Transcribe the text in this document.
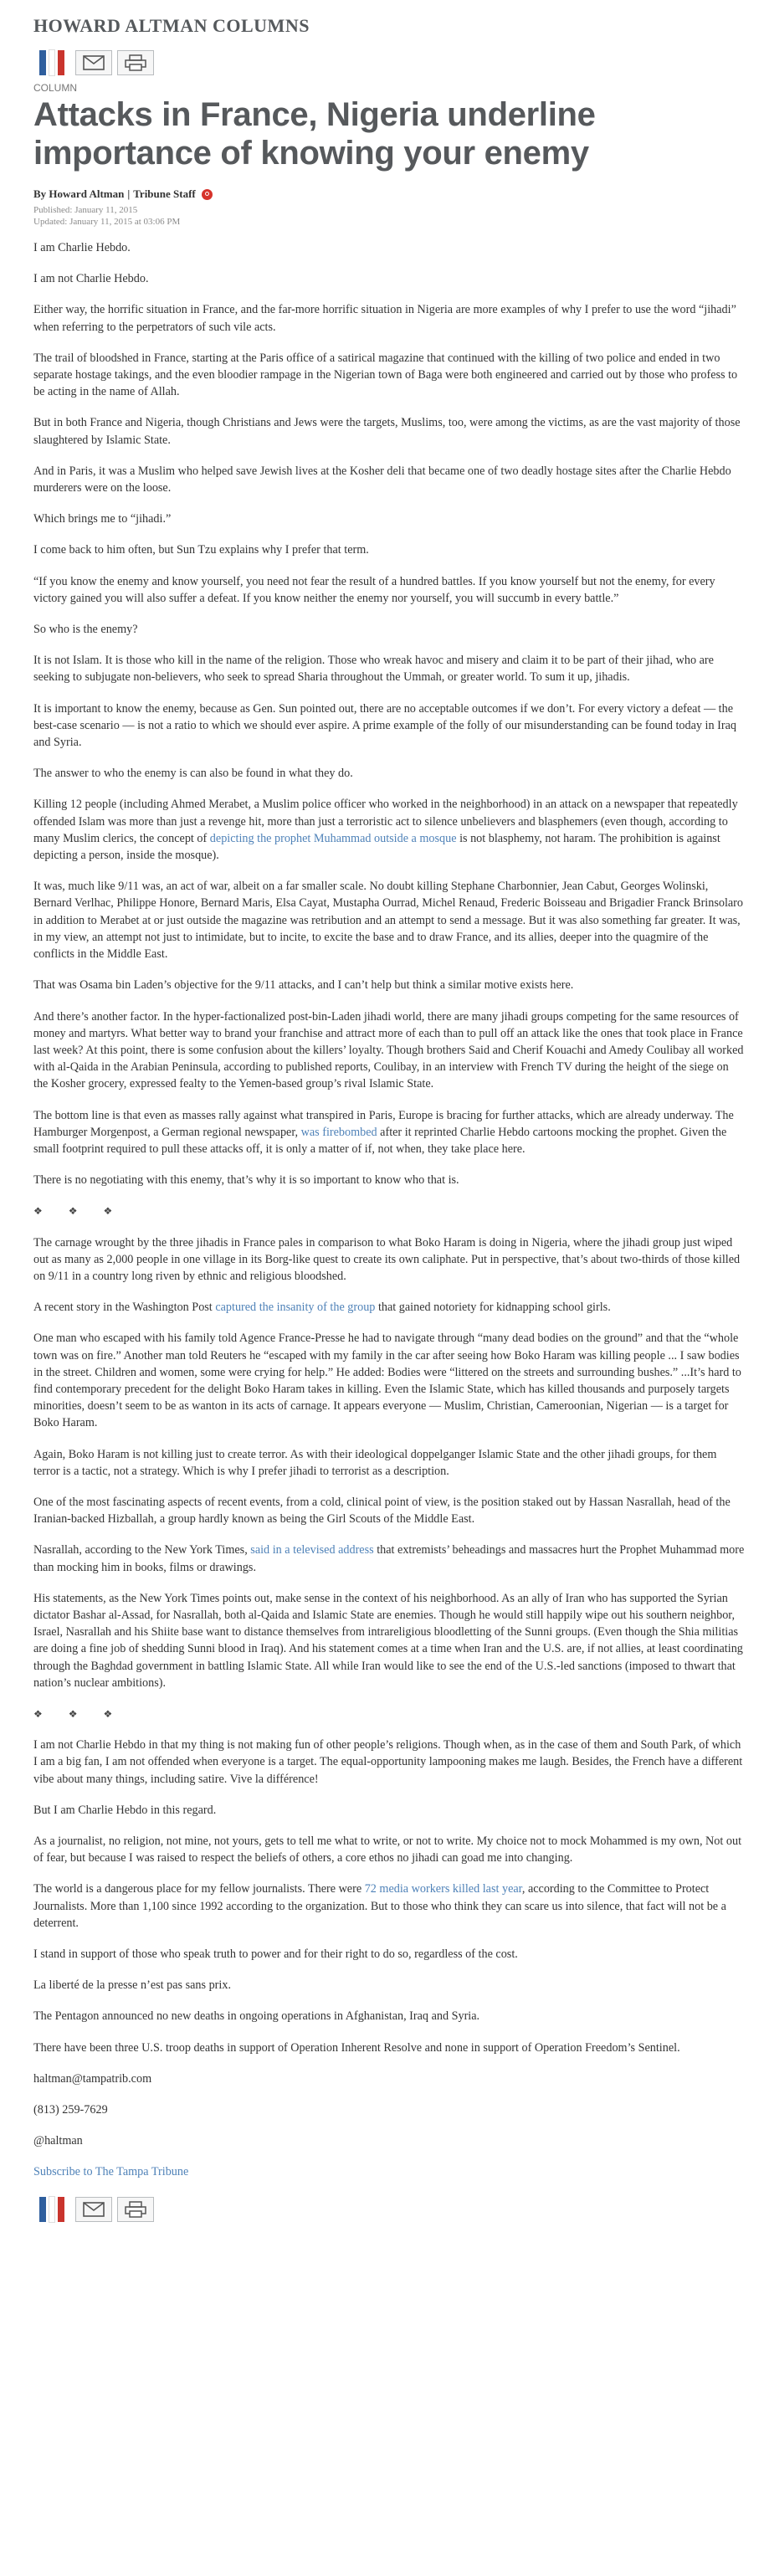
HOWARD ALTMAN COLUMNS
COLUMN
Attacks in France, Nigeria underline importance of knowing your enemy
By Howard Altman | Tribune Staff
Published: January 11, 2015
Updated: January 11, 2015 at 03:06 PM

I am Charlie Hebdo.

I am not Charlie Hebdo.

Either way, the horrific situation in France, and the far-more horrific situation in Nigeria are more examples of why I prefer to use the word “jihadi” when referring to the perpetrators of such vile acts.

The trail of bloodshed in France, starting at the Paris office of a satirical magazine that continued with the killing of two police and ended in two separate hostage takings, and the even bloodier rampage in the Nigerian town of Baga were both engineered and carried out by those who profess to be acting in the name of Allah.

But in both France and Nigeria, though Christians and Jews were the targets, Muslims, too, were among the victims, as are the vast majority of those slaughtered by Islamic State.

And in Paris, it was a Muslim who helped save Jewish lives at the Kosher deli that became one of two deadly hostage sites after the Charlie Hebdo murderers were on the loose.

Which brings me to “jihadi.”

I come back to him often, but Sun Tzu explains why I prefer that term.

“If you know the enemy and know yourself, you need not fear the result of a hundred battles. If you know yourself but not the enemy, for every victory gained you will also suffer a defeat. If you know neither the enemy nor yourself, you will succumb in every battle.”

So who is the enemy?

It is not Islam. It is those who kill in the name of the religion. Those who wreak havoc and misery and claim it to be part of their jihad, who are seeking to subjugate non-believers, who seek to spread Sharia throughout the Ummah, or greater world. To sum it up, jihadis.

It is important to know the enemy, because as Gen. Sun pointed out, there are no acceptable outcomes if we don’t. For every victory a defeat — the best-case scenario — is not a ratio to which we should ever aspire. A prime example of the folly of our misunderstanding can be found today in Iraq and Syria.

The answer to who the enemy is can also be found in what they do.

Killing 12 people (including Ahmed Merabet, a Muslim police officer who worked in the neighborhood) in an attack on a newspaper that repeatedly offended Islam was more than just a revenge hit, more than just a terroristic act to silence unbelievers and blasphemers (even though, according to many Muslim clerics, the concept of depicting the prophet Muhammad outside a mosque is not blasphemy, not haram. The prohibition is against depicting a person, inside the mosque).

It was, much like 9/11 was, an act of war, albeit on a far smaller scale. No doubt killing Stephane Charbonnier, Jean Cabut, Georges Wolinski, Bernard Verlhac, Philippe Honore, Bernard Maris, Elsa Cayat, Mustapha Ourrad, Michel Renaud, Frederic Boisseau and Brigadier Franck Brinsolaro in addition to Merabet at or just outside the magazine was retribution and an attempt to send a message. But it was also something far greater. It was, in my view, an attempt not just to intimidate, but to incite, to excite the base and to draw France, and its allies, deeper into the quagmire of the conflicts in the Middle East.

That was Osama bin Laden’s objective for the 9/11 attacks, and I can’t help but think a similar motive exists here.

And there’s another factor. In the hyper-factionalized post-bin-Laden jihadi world, there are many jihadi groups competing for the same resources of money and martyrs. What better way to brand your franchise and attract more of each than to pull off an attack like the ones that took place in France last week? At this point, there is some confusion about the killers’ loyalty. Though brothers Said and Cherif Kouachi and Amedy Coulibay all worked with al-Qaida in the Arabian Peninsula, according to published reports, Coulibay, in an interview with French TV during the height of the siege on the Kosher grocery, expressed fealty to the Yemen-based group’s rival Islamic State.

The bottom line is that even as masses rally against what transpired in Paris, Europe is bracing for further attacks, which are already underway. The Hamburger Morgenpost, a German regional newspaper, was firebombed after it reprinted Charlie Hebdo cartoons mocking the prophet. Given the small footprint required to pull these attacks off, it is only a matter of if, not when, they take place here.

There is no negotiating with this enemy, that’s why it is so important to know who that is.

❖ ❖ ❖

The carnage wrought by the three jihadis in France pales in comparison to what Boko Haram is doing in Nigeria, where the jihadi group just wiped out as many as 2,000 people in one village in its Borg-like quest to create its own caliphate. Put in perspective, that’s about two-thirds of those killed on 9/11 in a country long riven by ethnic and religious bloodshed.

A recent story in the Washington Post captured the insanity of the group that gained notoriety for kidnapping school girls.

One man who escaped with his family told Agence France-Presse he had to navigate through “many dead bodies on the ground” and that the “whole town was on fire.” Another man told Reuters he “escaped with my family in the car after seeing how Boko Haram was killing people ... I saw bodies in the street. Children and women, some were crying for help.” He added: Bodies were “littered on the streets and surrounding bushes.” ...It’s hard to find contemporary precedent for the delight Boko Haram takes in killing. Even the Islamic State, which has killed thousands and purposely targets minorities, doesn’t seem to be as wanton in its acts of carnage. It appears everyone — Muslim, Christian, Cameroonian, Nigerian — is a target for Boko Haram.

Again, Boko Haram is not killing just to create terror. As with their ideological doppelganger Islamic State and the other jihadi groups, for them terror is a tactic, not a strategy. Which is why I prefer jihadi to terrorist as a description.

One of the most fascinating aspects of recent events, from a cold, clinical point of view, is the position staked out by Hassan Nasrallah, head of the Iranian-backed Hizballah, a group hardly known as being the Girl Scouts of the Middle East.

Nasrallah, according to the New York Times, said in a televised address that extremists’ beheadings and massacres hurt the Prophet Muhammad more than mocking him in books, films or drawings.

His statements, as the New York Times points out, make sense in the context of his neighborhood. As an ally of Iran who has supported the Syrian dictator Bashar al-Assad, for Nasrallah, both al-Qaida and Islamic State are enemies. Though he would still happily wipe out his southern neighbor, Israel, Nasrallah and his Shiite base want to distance themselves from intrareligious bloodletting of the Sunni groups. (Even though the Shia militias are doing a fine job of shedding Sunni blood in Iraq). And his statement comes at a time when Iran and the U.S. are, if not allies, at least coordinating through the Baghdad government in battling Islamic State. All while Iran would like to see the end of the U.S.-led sanctions (imposed to thwart that nation’s nuclear ambitions).

❖ ❖ ❖

I am not Charlie Hebdo in that my thing is not making fun of other people’s religions. Though when, as in the case of them and South Park, of which I am a big fan, I am not offended when everyone is a target. The equal-opportunity lampooning makes me laugh. Besides, the French have a different vibe about many things, including satire. Vive la différence!

But I am Charlie Hebdo in this regard.

As a journalist, no religion, not mine, not yours, gets to tell me what to write, or not to write. My choice not to mock Mohammed is my own, Not out of fear, but because I was raised to respect the beliefs of others, a core ethos no jihadi can goad me into changing.

The world is a dangerous place for my fellow journalists. There were 72 media workers killed last year, according to the Committee to Protect Journalists. More than 1,100 since 1992 according to the organization. But to those who think they can scare us into silence, that fact will not be a deterrent.

I stand in support of those who speak truth to power and for their right to do so, regardless of the cost.

La liberté de la presse n’est pas sans prix.

The Pentagon announced no new deaths in ongoing operations in Afghanistan, Iraq and Syria.

There have been three U.S. troop deaths in support of Operation Inherent Resolve and none in support of Operation Freedom’s Sentinel.

haltman@tampatrib.com

(813) 259-7629

@haltman

Subscribe to The Tampa Tribune
